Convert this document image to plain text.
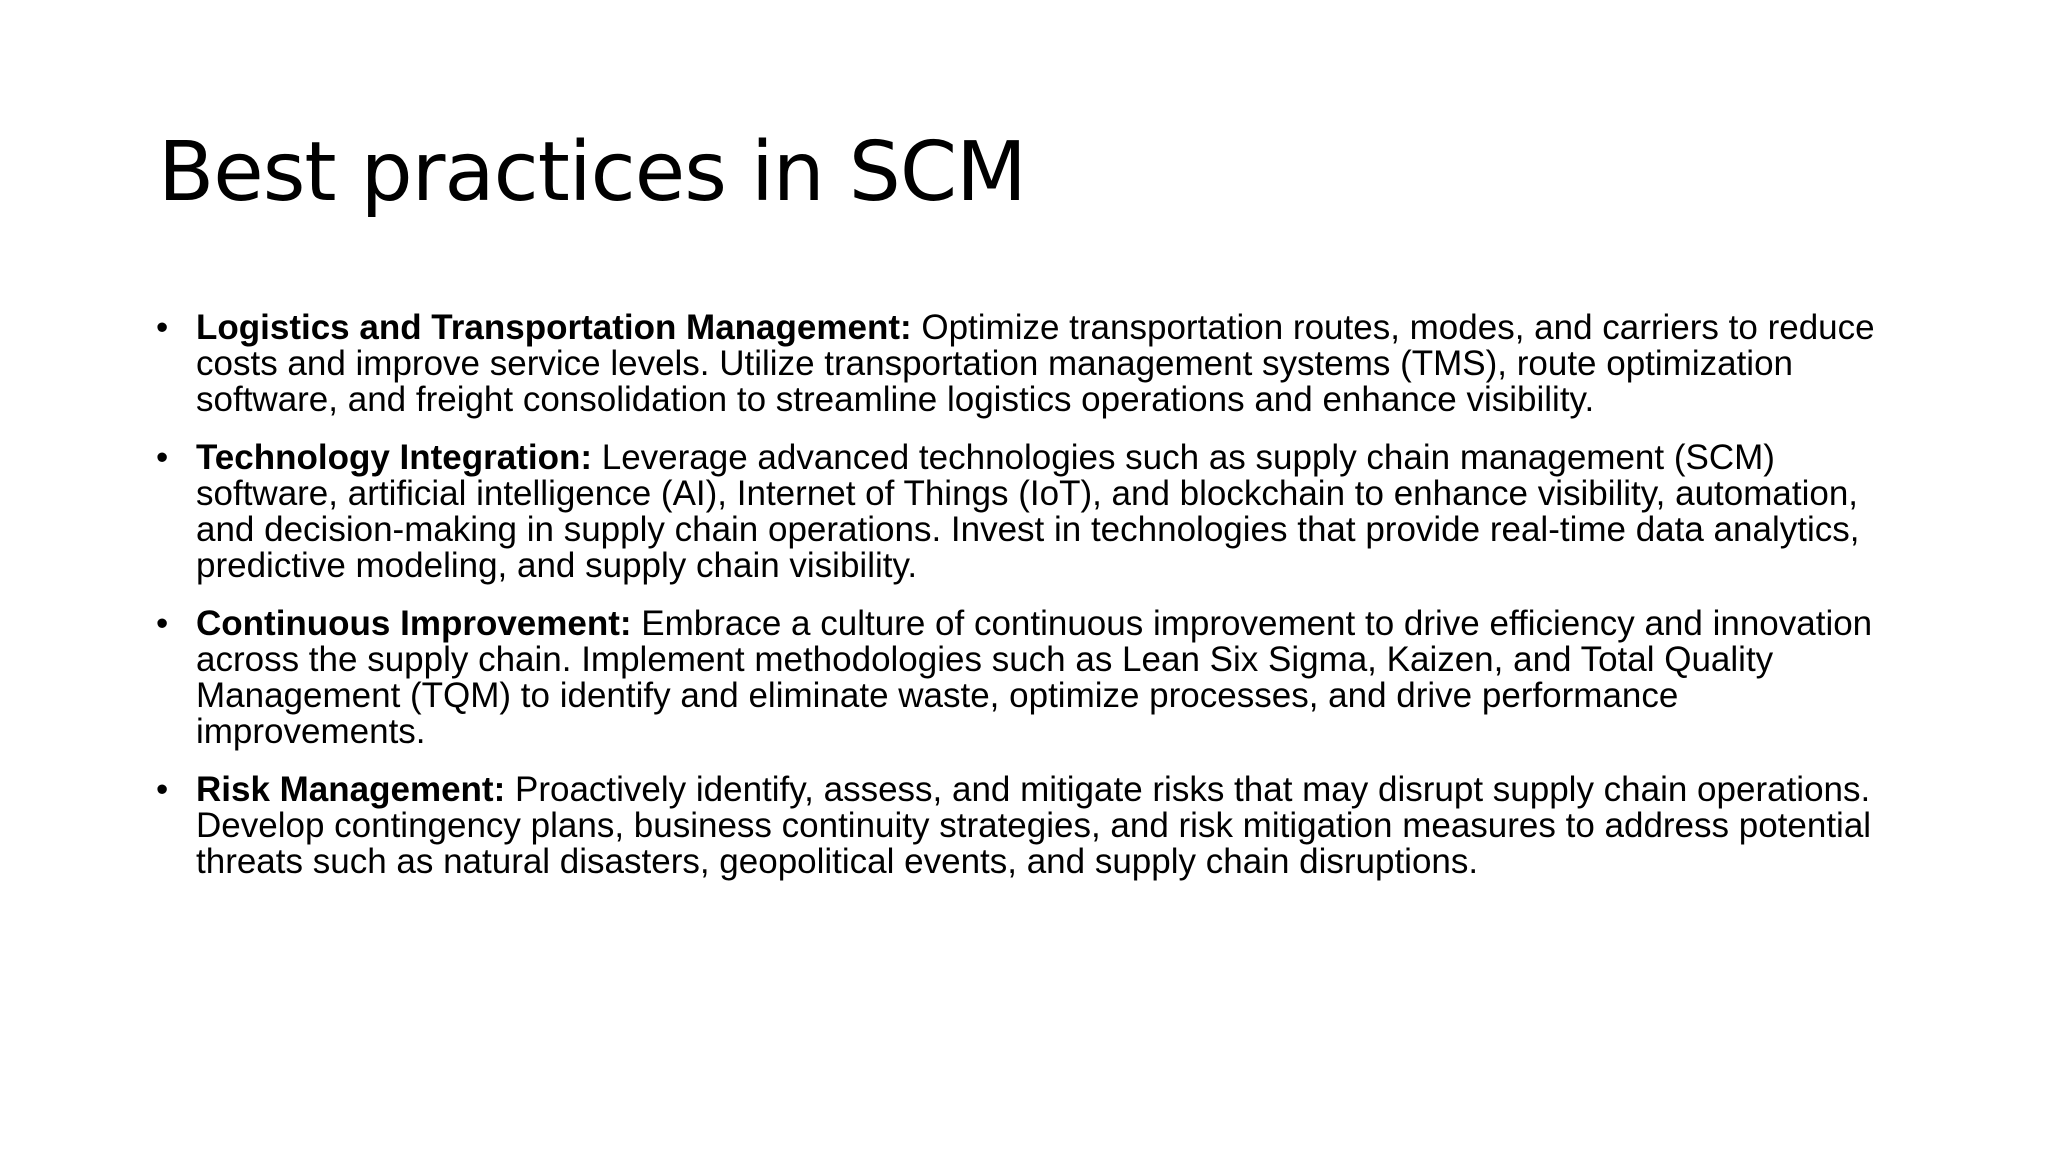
Best practices in SCM
• Logistics and Transportation Management: Optimize transportation routes, modes, and carriers to reduce costs and improve service levels. Utilize transportation management systems (TMS), route optimization software, and freight consolidation to streamline logistics operations and enhance visibility.
• Technology Integration: Leverage advanced technologies such as supply chain management (SCM) software, artificial intelligence (AI), Internet of Things (IoT), and blockchain to enhance visibility, automation, and decision-making in supply chain operations. Invest in technologies that provide real-time data analytics, predictive modeling, and supply chain visibility.
• Continuous Improvement: Embrace a culture of continuous improvement to drive efficiency and innovation across the supply chain. Implement methodologies such as Lean Six Sigma, Kaizen, and Total Quality Management (TQM) to identify and eliminate waste, optimize processes, and drive performance improvements.
• Risk Management: Proactively identify, assess, and mitigate risks that may disrupt supply chain operations. Develop contingency plans, business continuity strategies, and risk mitigation measures to address potential threats such as natural disasters, geopolitical events, and supply chain disruptions.
